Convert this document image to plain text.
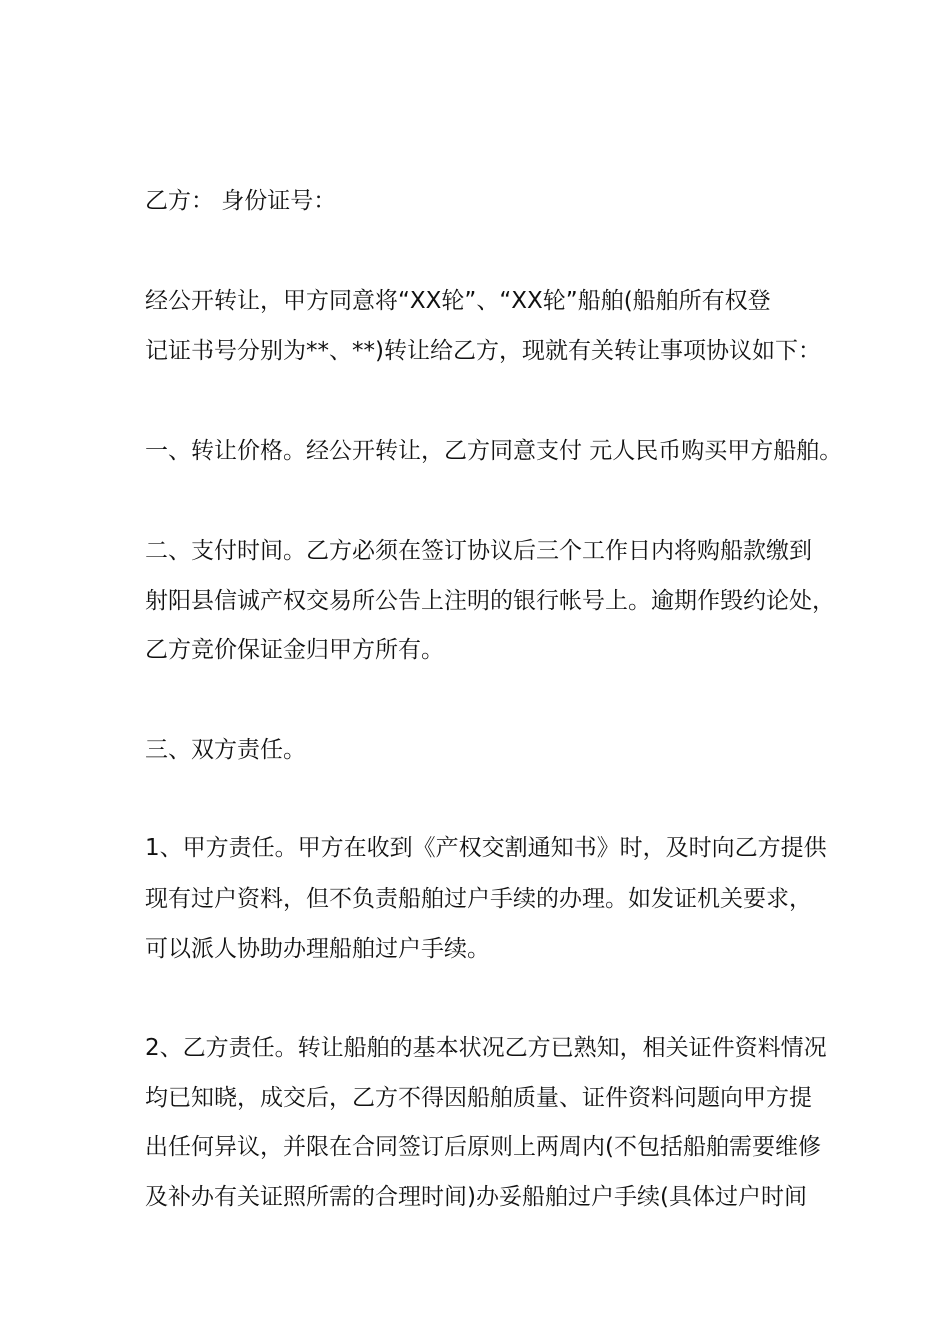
乙方： 身份证号：
经公开转让，甲方同意将“XX轮”、“XX轮”船舶(船舶所有权登
记证书号分别为**、**)转让给乙方，现就有关转让事项协议如下：
一、转让价格。经公开转让，乙方同意支付 元人民币购买甲方船舶。
二、支付时间。乙方必须在签订协议后三个工作日内将购船款缴到
射阳县信诚产权交易所公告上注明的银行帐号上。逾期作毁约论处，
乙方竞价保证金归甲方所有。
三、双方责任。
1、甲方责任。甲方在收到《产权交割通知书》时，及时向乙方提供
现有过户资料，但不负责船舶过户手续的办理。如发证机关要求，
可以派人协助办理船舶过户手续。
2、乙方责任。转让船舶的基本状况乙方已熟知，相关证件资料情况
均已知晓，成交后，乙方不得因船舶质量、证件资料问题向甲方提
出任何异议，并限在合同签订后原则上两周内(不包括船舶需要维修
及补办有关证照所需的合理时间)办妥船舶过户手续(具体过户时间
